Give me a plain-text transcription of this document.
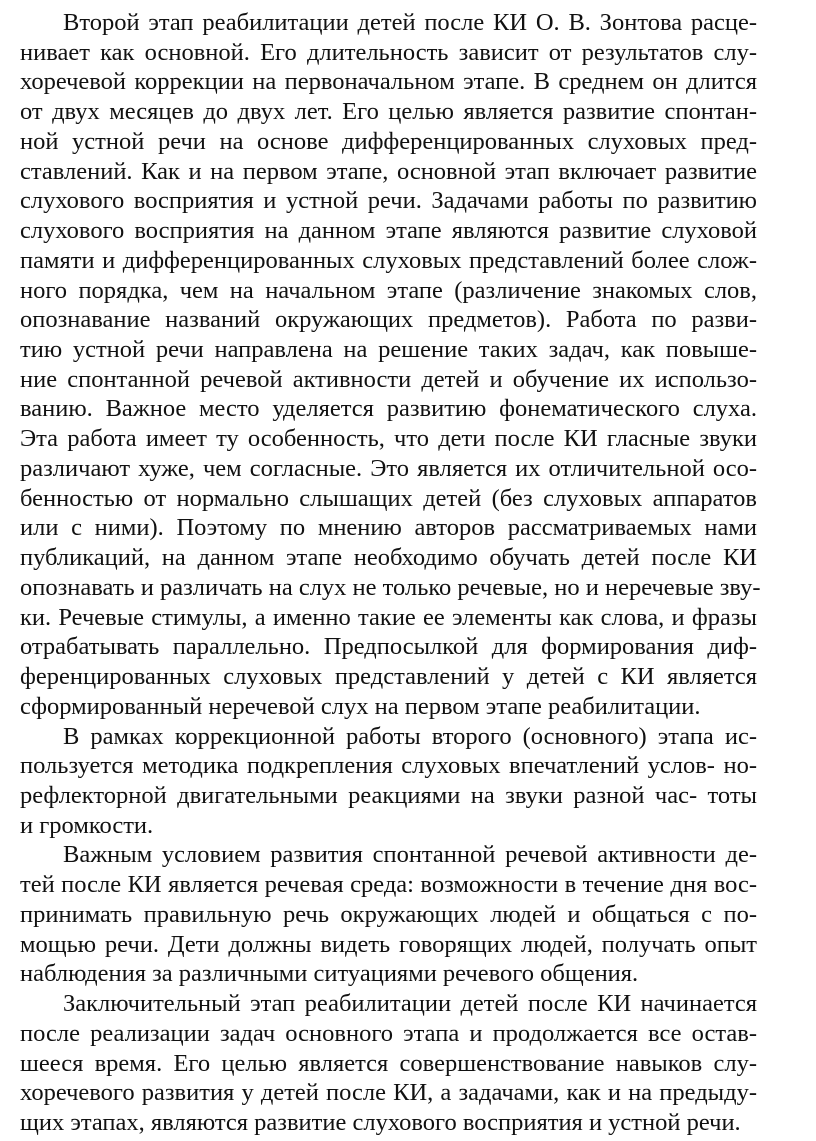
Второй этап реабилитации детей после КИ О. В. Зонтова расце-
нивает как основной. Его длительность зависит от результатов слу-
хоречевой коррекции на первоначальном этапе. В среднем он длится
от двух месяцев до двух лет. Его целью является развитие спонтан-
ной устной речи на основе дифференцированных слуховых пред-
ставлений. Как и на первом этапе, основной этап включает развитие
слухового восприятия и устной речи. Задачами работы по развитию
слухового восприятия на данном этапе являются развитие слуховой
памяти и дифференцированных слуховых представлений более слож-
ного порядка, чем на начальном этапе (различение знакомых слов,
опознавание названий окружающих предметов). Работа по разви-
тию устной речи направлена на решение таких задач, как повыше-
ние спонтанной речевой активности детей и обучение их использо-
ванию. Важное место уделяется развитию фонематического слуха.
Эта работа имеет ту особенность, что дети после КИ гласные звуки
различают хуже, чем согласные. Это является их отличительной осо-
бенностью от нормально слышащих детей (без слуховых аппаратов
или с ними). Поэтому по мнению авторов рассматриваемых нами
публикаций, на данном этапе необходимо обучать детей после КИ
опознавать и различать на слух не только речевые, но и неречевые зву-
ки. Речевые стимулы, а именно такие ее элементы как слова, и фразы
отрабатывать параллельно. Предпосылкой для формирования диф-
ференцированных слуховых представлений у детей с КИ является
сформированный неречевой слух на первом этапе реабилитации.
В рамках коррекционной работы второго (основного) этапа ис-
пользуется методика подкрепления слуховых впечатлений услов- но-
рефлекторной двигательными реакциями на звуки разной час- тоты
и громкости.
Важным условием развития спонтанной речевой активности де-
тей после КИ является речевая среда: возможности в течение дня вос-
принимать правильную речь окружающих людей и общаться с по-
мощью речи. Дети должны видеть говорящих людей, получать опыт
наблюдения за различными ситуациями речевого общения.
Заключительный этап реабилитации детей после КИ начинается
после реализации задач основного этапа и продолжается все остав-
шееся время. Его целью является совершенствование навыков слу-
хоречевого развития у детей после КИ, а задачами, как и на предыду-
щих этапах, являются развитие слухового восприятия и устной речи.
